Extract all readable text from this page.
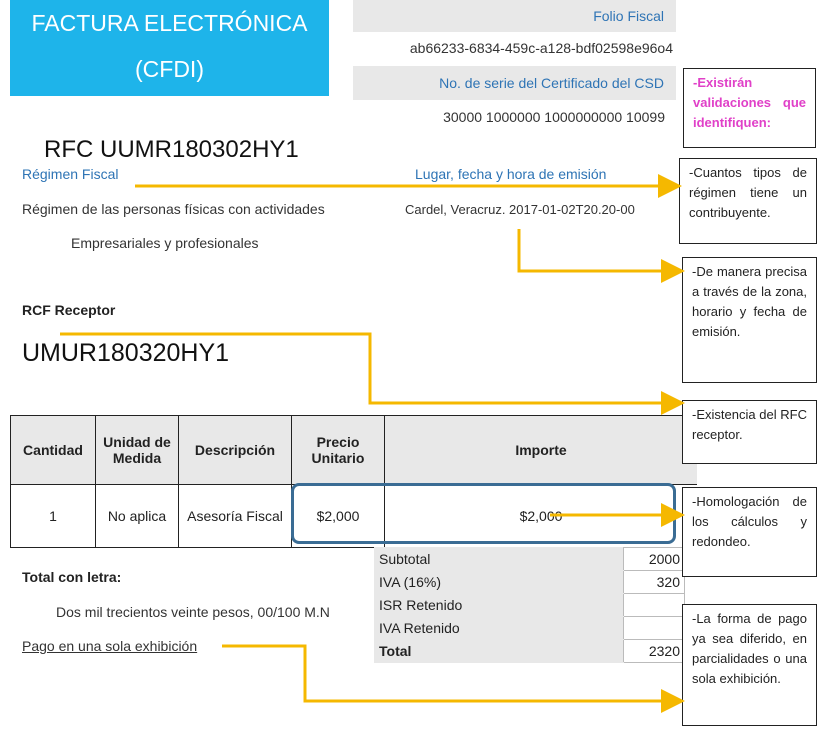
FACTURA ELECTRÓNICA
(CFDI)
Folio Fiscal
ab66233-6834-459c-a128-bdf02598e96o4
No. de serie del Certificado del CSD
30000 1000000 1000000000 10099
RFC UUMR180302HY1
Régimen Fiscal
Régimen de las personas físicas con actividades
Empresariales y profesionales
Lugar, fecha y hora de emisión
Cardel, Veracruz. 2017-01-02T20.20-00
RCF Receptor
UMUR180320HY1
Cantidad	Unidad de Medida	Descripción	Precio Unitario	Importe
1	No aplica	Asesoría Fiscal	$2,000	$2,000
Subtotal	2000
IVA (16%)	320
ISR Retenido	
IVA Retenido	
Total	2320
Total con letra:
Dos mil trecientos veinte pesos, 00/100 M.N
Pago en una sola exhibición
-Existirán validaciones que identifiquen:
-Cuantos tipos de régimen tiene un contribuyente.
-De manera precisa a través de la zona, horario y fecha de emisión.
-Existencia del RFC receptor.
-Homologación de los cálculos y redondeo.
-La forma de pago ya sea diferido, en parcialidades o una sola exhibición.
